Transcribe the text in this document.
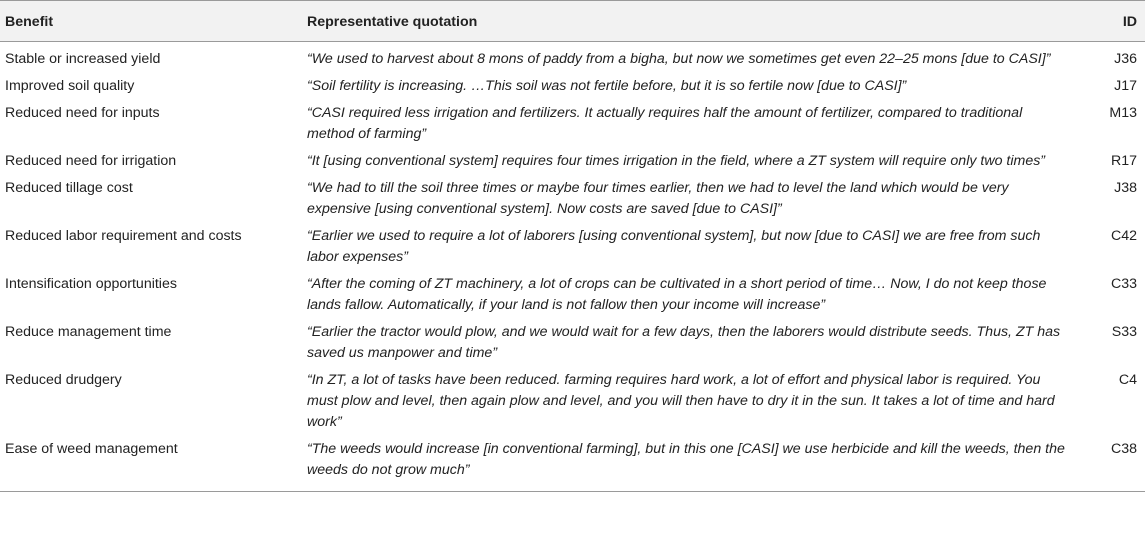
Benefit	Representative quotation	ID
Stable or increased yield	“We used to harvest about 8 mons of paddy from a bigha, but now we sometimes get even 22–25 mons [due to CASI]”	J36
Improved soil quality	“Soil fertility is increasing. …This soil was not fertile before, but it is so fertile now [due to CASI]”	J17
Reduced need for inputs	“CASI required less irrigation and fertilizers. It actually requires half the amount of fertilizer, compared to traditional method of farming”	M13
Reduced need for irrigation	“It [using conventional system] requires four times irrigation in the field, where a ZT system will require only two times”	R17
Reduced tillage cost	“We had to till the soil three times or maybe four times earlier, then we had to level the land which would be very expensive [using conventional system]. Now costs are saved [due to CASI]”	J38
Reduced labor requirement and costs	“Earlier we used to require a lot of laborers [using conventional system], but now [due to CASI] we are free from such labor expenses”	C42
Intensification opportunities	“After the coming of ZT machinery, a lot of crops can be cultivated in a short period of time… Now, I do not keep those lands fallow. Automatically, if your land is not fallow then your income will increase”	C33
Reduce management time	“Earlier the tractor would plow, and we would wait for a few days, then the laborers would distribute seeds. Thus, ZT has saved us manpower and time”	S33
Reduced drudgery	“In ZT, a lot of tasks have been reduced. farming requires hard work, a lot of effort and physical labor is required. You must plow and level, then again plow and level, and you will then have to dry it in the sun. It takes a lot of time and hard work”	C4
Ease of weed management	“The weeds would increase [in conventional farming], but in this one [CASI] we use herbicide and kill the weeds, then the weeds do not grow much”	C38
